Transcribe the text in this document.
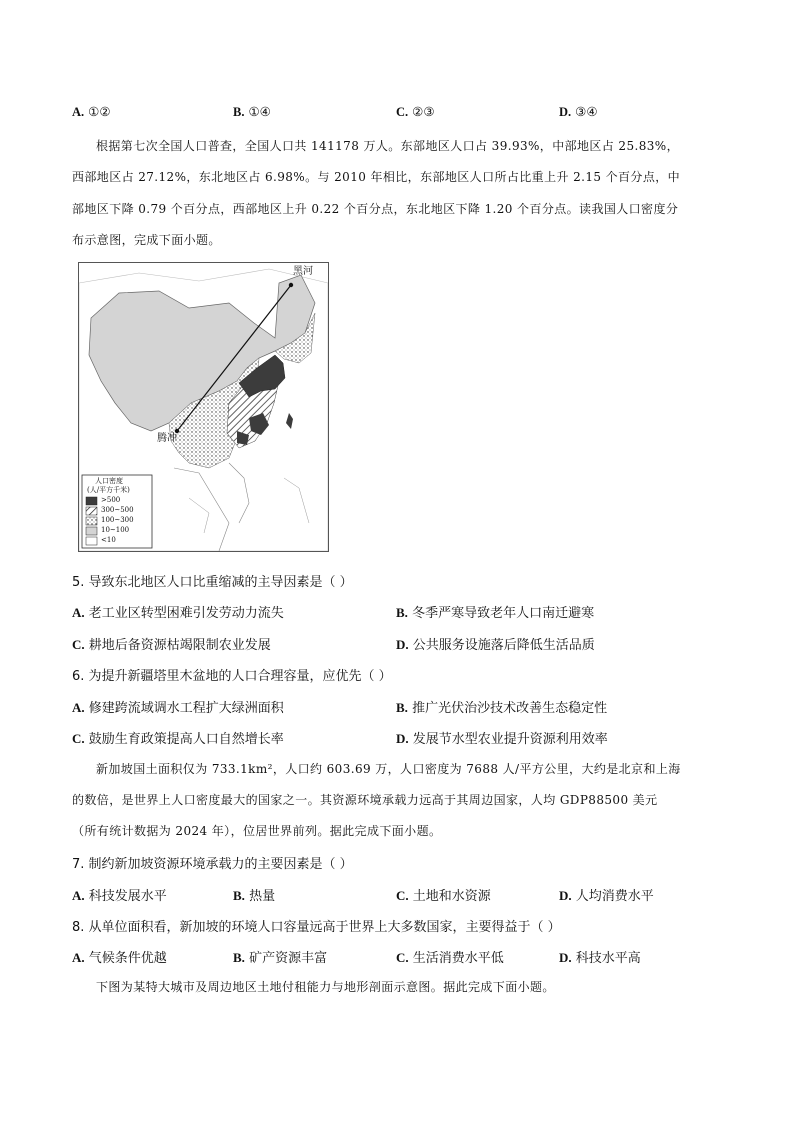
A. ①②	B. ①④	C. ②③	D. ③④
根据第七次全国人口普查，全国人口共 141178 万人。东部地区人口占 39.93%，中部地区占 25.83%，
西部地区占 27.12%，东北地区占 6.98%。与 2010 年相比，东部地区人口所占比重上升 2.15 个百分点，中
部地区下降 0.79 个百分点，西部地区上升 0.22 个百分点，东北地区下降 1.20 个百分点。读我国人口密度分
布示意图，完成下面小题。
黑河
腾冲
人口密度
(人/平方千米)
>500
300~500
100~300
10~100
<10
5. 导致东北地区人口比重缩减的主导因素是（ ）
A. 老工业区转型困难引发劳动力流失	B. 冬季严寒导致老年人口南迁避寒
C. 耕地后备资源枯竭限制农业发展	D. 公共服务设施落后降低生活品质
6. 为提升新疆塔里木盆地的人口合理容量，应优先（ ）
A. 修建跨流域调水工程扩大绿洲面积	B. 推广光伏治沙技术改善生态稳定性
C. 鼓励生育政策提高人口自然增长率	D. 发展节水型农业提升资源利用效率
新加坡国土面积仅为 733.1km²，人口约 603.69 万，人口密度为 7688 人/平方公里，大约是北京和上海
的数倍，是世界上人口密度最大的国家之一。其资源环境承载力远高于其周边国家，人均 GDP88500 美元
（所有统计数据为 2024 年），位居世界前列。据此完成下面小题。
7. 制约新加坡资源环境承载力的主要因素是（ ）
A. 科技发展水平	B. 热量	C. 土地和水资源	D. 人均消费水平
8. 从单位面积看，新加坡的环境人口容量远高于世界上大多数国家，主要得益于（ ）
A. 气候条件优越	B. 矿产资源丰富	C. 生活消费水平低	D. 科技水平高
下图为某特大城市及周边地区土地付租能力与地形剖面示意图。据此完成下面小题。
